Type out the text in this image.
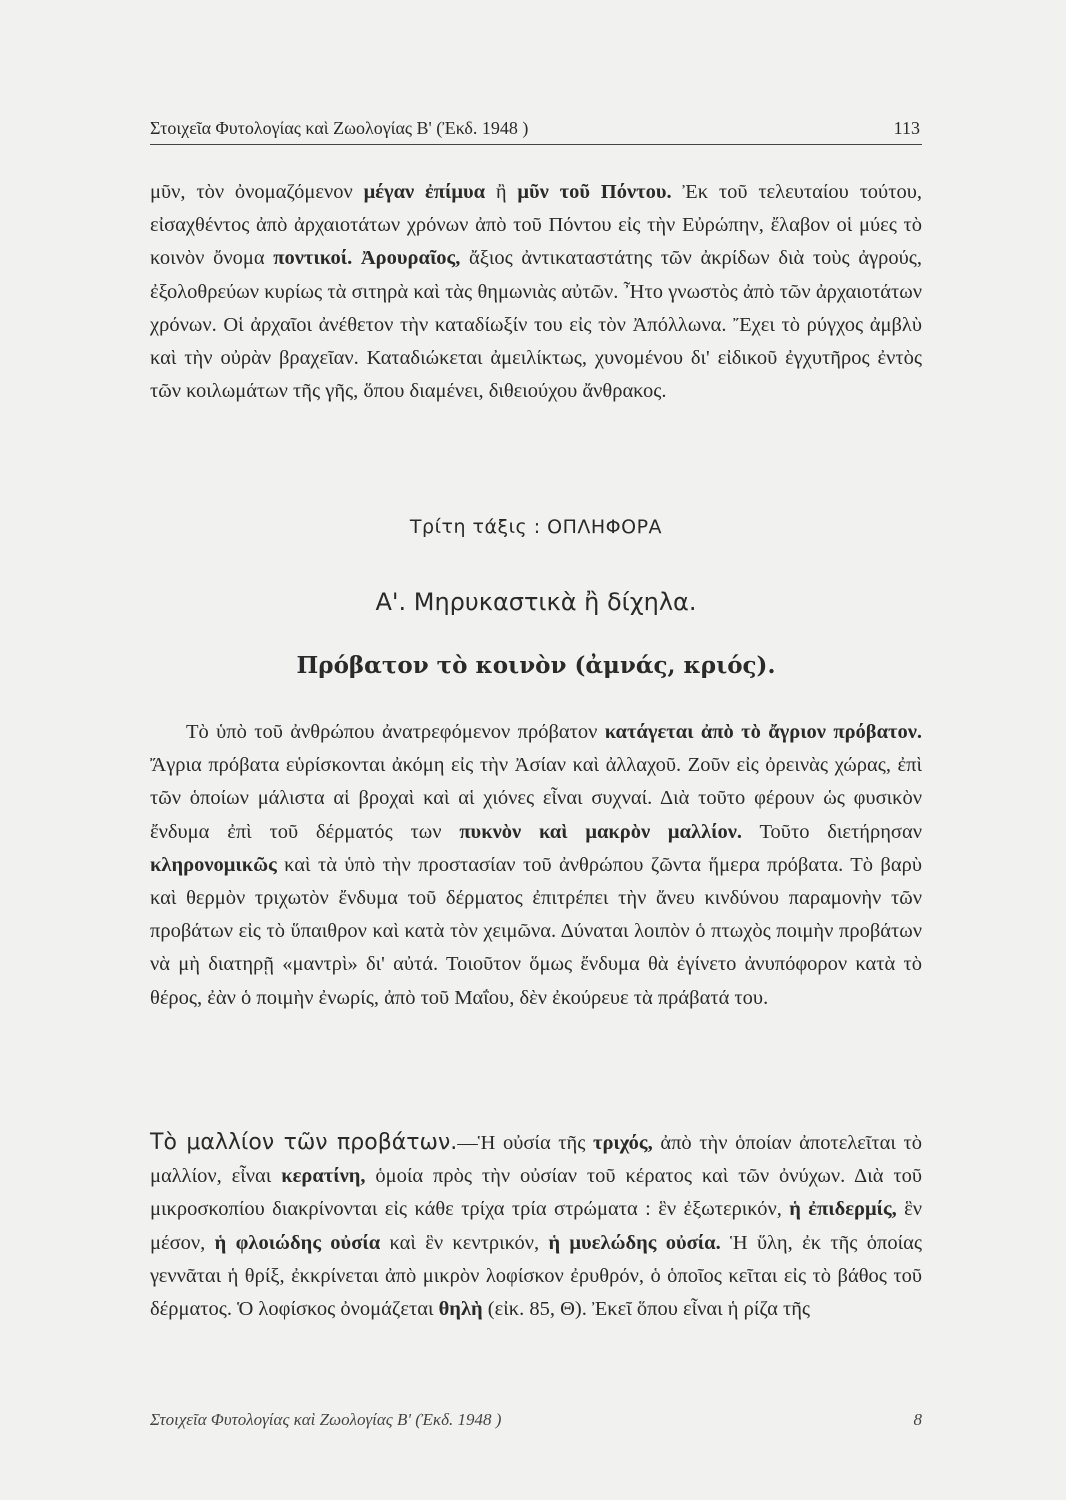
Στοιχεῖα Φυτολογίας καὶ Ζωολογίας Β' (Ἐκδ. 1948 )	113
μῦν, τὸν ὀνομαζόμενον μέγαν ἐπίμυα ἢ μῦν τοῦ Πόντου. Ἐκ τοῦ τελευταίου τούτου, εἰσαχθέντος ἀπὸ ἀρχαιοτάτων χρόνων ἀπὸ τοῦ Πόντου εἰς τὴν Εὐρώπην, ἔλαβον οἱ μύες τὸ κοινὸν ὄνομα ποντικοί. Ἀρουραῖος, ἄξιος ἀντικαταστάτης τῶν ἀκρίδων διὰ τοὺς ἀγρούς, ἐξολοθρεύων κυρίως τὰ σιτηρὰ καὶ τὰς θημωνιὰς αὐτῶν. Ἦτο γνωστὸς ἀπὸ τῶν ἀρχαιοτάτων χρόνων. Οἱ ἀρχαῖοι ἀνέθετον τὴν καταδίωξίν του εἰς τὸν Ἀπόλλωνα. Ἔχει τὸ ρύγχος ἀμβλὺ καὶ τὴν οὐρὰν βραχεῖαν. Καταδιώκεται ἀμειλίκτως, χυνομένου δι' εἰδικοῦ ἐγχυτῆρος ἐντὸς τῶν κοιλωμάτων τῆς γῆς, ὅπου διαμένει, διθειούχου ἄνθρακος.
Τρίτη τάξις : ΟΠΛΗΦΟΡΑ
Α'. Μηρυκαστικὰ ἢ δίχηλα.
Πρόβατον τὸ κοινὸν (ἀμνάς, κριός).
Τὸ ὑπὸ τοῦ ἀνθρώπου ἀνατρεφόμενον πρόβατον κατάγεται ἀπὸ τὸ ἄγριον πρόβατον. Ἄγρια πρόβατα εὑρίσκονται ἀκόμη εἰς τὴν Ἀσίαν καὶ ἀλλαχοῦ. Ζοῦν εἰς ὀρεινὰς χώρας, ἐπὶ τῶν ὁποίων μάλιστα αἱ βροχαὶ καὶ αἱ χιόνες εἶναι συχναί. Διὰ τοῦτο φέρουν ὡς φυσικὸν ἔνδυμα ἐπὶ τοῦ δέρματός των πυκνὸν καὶ μακρὸν μαλλίον. Τοῦτο διετήρησαν κληρονομικῶς καὶ τὰ ὑπὸ τὴν προστασίαν τοῦ ἀνθρώπου ζῶντα ἥμερα πρόβατα. Τὸ βαρὺ καὶ θερμὸν τριχωτὸν ἔνδυμα τοῦ δέρματος ἐπιτρέπει τὴν ἄνευ κινδύνου παραμονὴν τῶν προβάτων εἰς τὸ ὕπαιθρον καὶ κατὰ τὸν χειμῶνα. Δύναται λοιπὸν ὁ πτωχὸς ποιμὴν προβάτων νὰ μὴ διατηρῇ «μαντρὶ» δι' αὐτά. Τοιοῦτον ὅμως ἔνδυμα θὰ ἐγίνετο ἀνυπόφορον κατὰ τὸ θέρος, ἐὰν ὁ ποιμὴν ἐνωρίς, ἀπὸ τοῦ Μαΐου, δὲν ἐκούρευε τὰ πράβατά του.
Τὸ μαλλίον τῶν προβάτων.—Ἡ οὐσία τῆς τριχός, ἀπὸ τὴν ὁποίαν ἀποτελεῖται τὸ μαλλίον, εἶναι κερατίνη, ὁμοία πρὸς τὴν οὐσίαν τοῦ κέρατος καὶ τῶν ὀνύχων. Διὰ τοῦ μικροσκοπίου διακρίνονται εἰς κάθε τρίχα τρία στρώματα : ἓν ἐξωτερικόν, ἡ ἐπιδερμίς, ἓν μέσον, ἡ φλοιώδης οὐσία καὶ ἓν κεντρικόν, ἡ μυελώδης οὐσία. Ἡ ὕλη, ἐκ τῆς ὁποίας γεννᾶται ἡ θρίξ, ἐκκρίνεται ἀπὸ μικρὸν λοφίσκον ἐρυθρόν, ὁ ὁποῖος κεῖται εἰς τὸ βάθος τοῦ δέρματος. Ὁ λοφίσκος ὀνομάζεται θηλὴ (εἰκ. 85, Θ). Ἐκεῖ ὅπου εἶναι ἡ ρίζα τῆς
Στοιχεῖα Φυτολογίας καὶ Ζωολογίας Β' (Ἐκδ. 1948 )	8
